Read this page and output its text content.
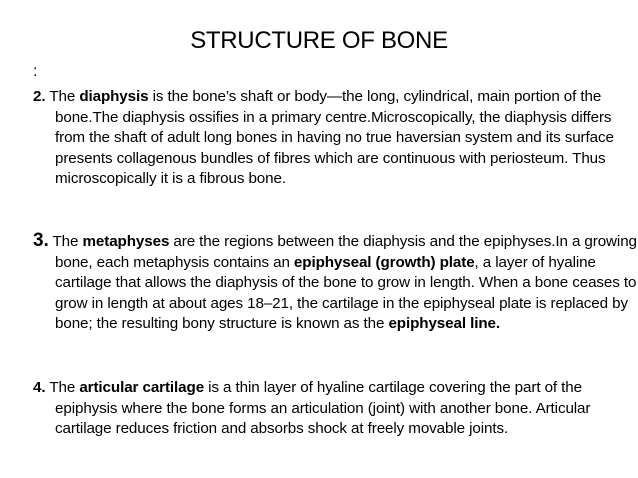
STRUCTURE OF BONE
:
2. The diaphysis is the bone’s shaft or body—the long, cylindrical, main portion of the bone.The diaphysis ossifies in a primary centre.Microscopically, the diaphysis differs from the shaft of adult long bones in having no true haversian system and its surface presents collagenous bundles of fibres which are continuous with periosteum. Thus microscopically it is a fibrous bone.
3. The metaphyses are the regions between the diaphysis and the epiphyses.In a growing bone, each metaphysis contains an epiphyseal (growth) plate, a layer of hyaline cartilage that allows the diaphysis of the bone to grow in length. When a bone ceases to grow in length at about ages 18–21, the cartilage in the epiphyseal plate is replaced by bone; the resulting bony structure is known as the epiphyseal line.
4. The articular cartilage is a thin layer of hyaline cartilage covering the part of the epiphysis where the bone forms an articulation (joint) with another bone. Articular cartilage reduces friction and absorbs shock at freely movable joints.
